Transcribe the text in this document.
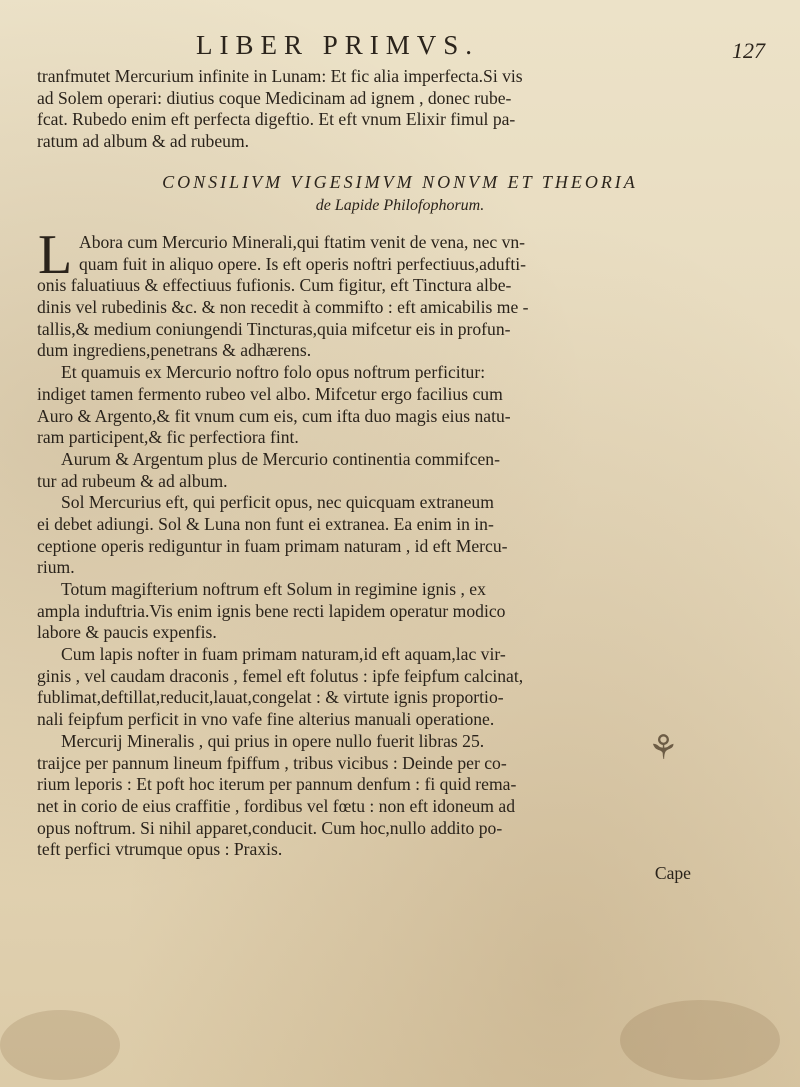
LIBER PRIMVS.	127
tranfmutet Mercurium infinite in Lunam: Et fic alia imperfecta.Si vis
ad Solem operari: diutius coque Medicinam ad ignem , donec rube-
fcat. Rubedo enim eft perfecta digeftio. Et eft vnum Elixir fimul pa-
ratum ad album & ad rubeum.
CONSILIVM VIGESIMVM NONVM ET THEORIA
de Lapide Philofophorum.
L Abora cum Mercurio Minerali,qui ftatim venit de vena, nec vn-
quam fuit in aliquo opere. Is eft operis noftri perfectiuus,adufti-
onis faluatiuus & effectiuus fufionis. Cum figitur, eft Tinctura albe-
dinis vel rubedinis &c. & non recedit à commifto : eft amicabilis me -
tallis,& medium coniungendi Tincturas,quia mifcetur eis in profun-
dum ingrediens,penetrans & adhærens.
Et quamuis ex Mercurio noftro folo opus noftrum perficitur:
indiget tamen fermento rubeo vel albo. Mifcetur ergo facilius cum
Auro & Argento,& fit vnum cum eis, cum ifta duo magis eius natu-
ram participent,& fic perfectiora fint.
Aurum & Argentum plus de Mercurio continentia commifcen-
tur ad rubeum & ad album.
Sol Mercurius eft, qui perficit opus, nec quicquam extraneum
ei debet adiungi. Sol & Luna non funt ei extranea. Ea enim in in-
ceptione operis rediguntur in fuam primam naturam , id eft Mercu-
rium.
Totum magifterium noftrum eft Solum in regimine ignis , ex
ampla induftria.Vis enim ignis bene recti lapidem operatur modico
labore & paucis expenfis.
Cum lapis nofter in fuam primam naturam,id eft aquam,lac vir-
ginis , vel caudam draconis , femel eft folutus : ipfe feipfum calcinat,
fublimat,deftillat,reducit,lauat,congelat : & virtute ignis proportio-
nali feipfum perficit in vno vafe fine alterius manuali operatione.
Mercurij Mineralis , qui prius in opere nullo fuerit libras 25.
traijce per pannum lineum fpiffum , tribus vicibus : Deinde per co-
rium leporis : Et poft hoc iterum per pannum denfum : fi quid rema-
net in corio de eius craffitie , fordibus vel fœtu : non eft idoneum ad
opus noftrum. Si nihil apparet,conducit. Cum hoc,nullo addito po-
teft perfici vtrumque opus : Praxis.
Cape
⚘
